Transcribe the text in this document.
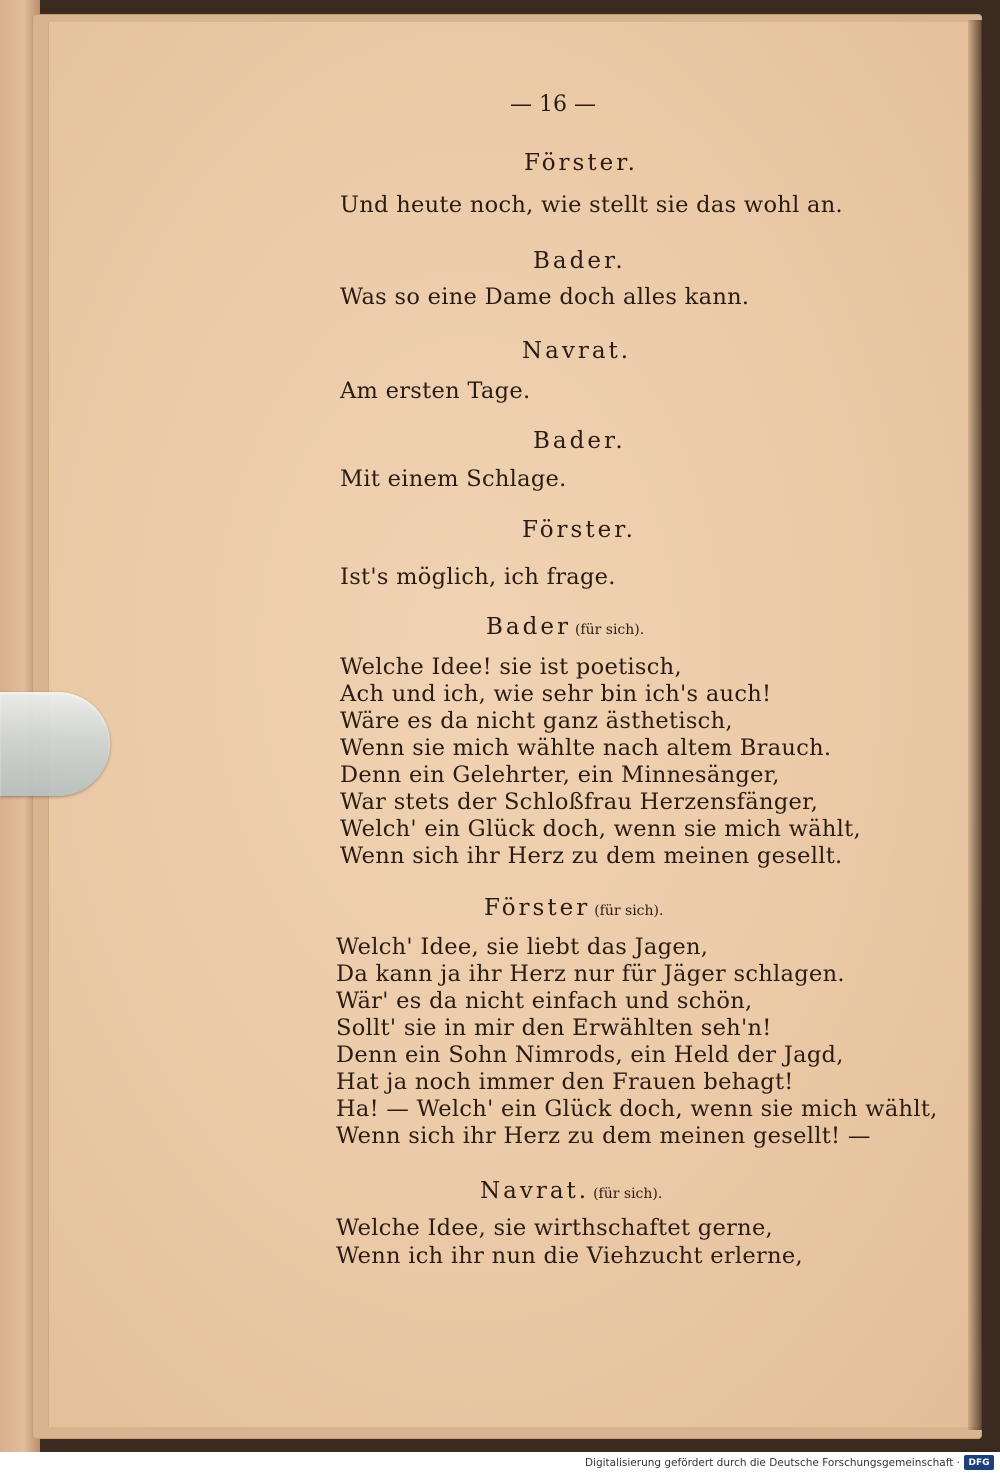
— 16 —
Förster.
Und heute noch, wie stellt sie das wohl an.
Bader.
Was so eine Dame doch alles kann.
Navrat.
Am ersten Tage.
Bader.
Mit einem Schlage.
Förster.
Ist's möglich, ich frage.
Bader (für sich).
Welche Idee! sie ist poetisch,
Ach und ich, wie sehr bin ich's auch!
Wäre es da nicht ganz ästhetisch,
Wenn sie mich wählte nach altem Brauch.
Denn ein Gelehrter, ein Minnesänger,
War stets der Schloßfrau Herzensfänger,
Welch' ein Glück doch, wenn sie mich wählt,
Wenn sich ihr Herz zu dem meinen gesellt.
Förster (für sich).
Welch' Idee, sie liebt das Jagen,
Da kann ja ihr Herz nur für Jäger schlagen.
Wär' es da nicht einfach und schön,
Sollt' sie in mir den Erwählten seh'n!
Denn ein Sohn Nimrods, ein Held der Jagd,
Hat ja noch immer den Frauen behagt!
Ha! — Welch' ein Glück doch, wenn sie mich wählt,
Wenn sich ihr Herz zu dem meinen gesellt! —
Navrat. (für sich).
Welche Idee, sie wirthschaftet gerne,
Wenn ich ihr nun die Viehzucht erlerne,
Digitalisierung gefördert durch die Deutsche Forschungsgemeinschaft · DFG
